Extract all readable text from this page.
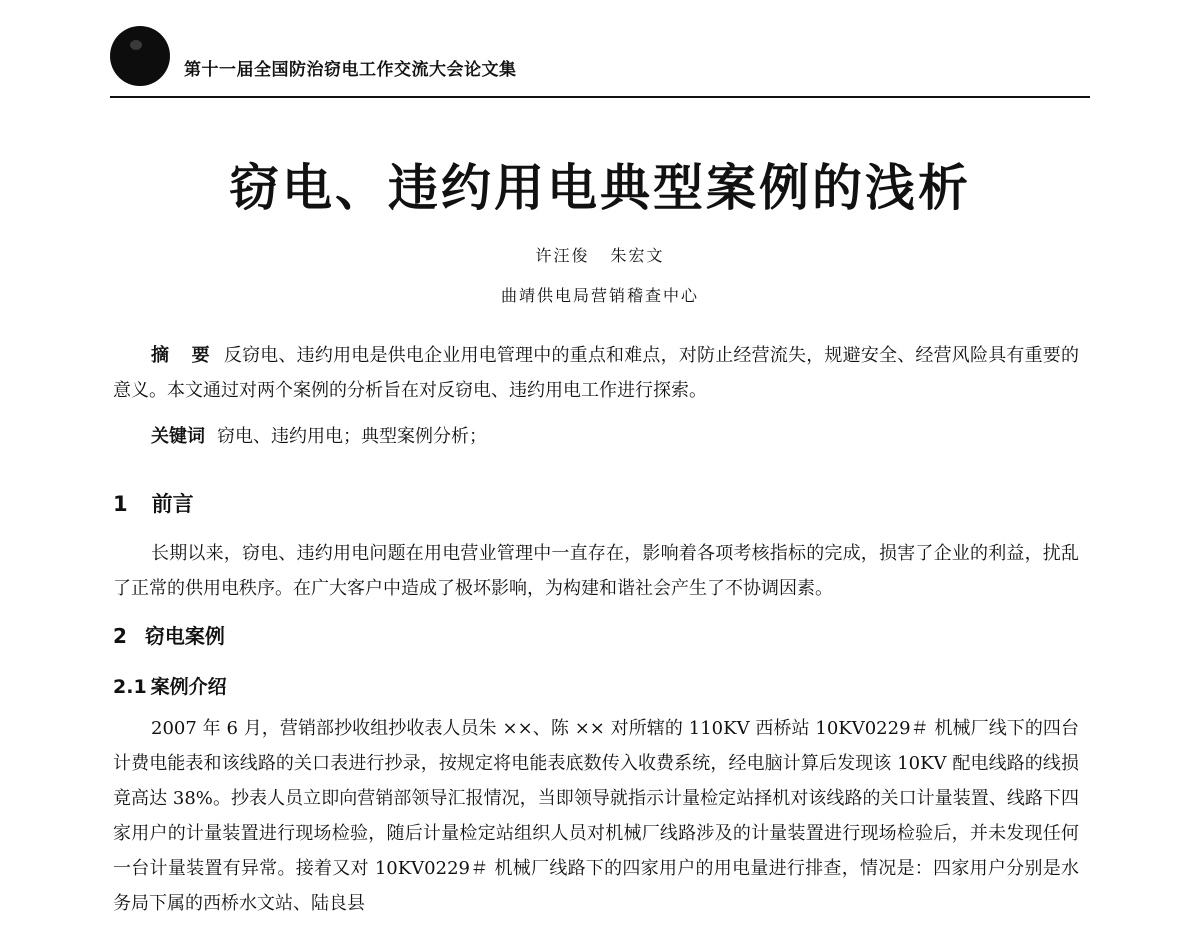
第十一届全国防治窃电工作交流大会论文集
窃电、违约用电典型案例的浅析
许汪俊 朱宏文
曲靖供电局营销稽查中心

摘 要 反窃电、违约用电是供电企业用电管理中的重点和难点，对防止经营流失，规避安全、经营风险具有重要的意义。本文通过对两个案例的分析旨在对反窃电、违约用电工作进行探索。

关键词 窃电、违约用电；典型案例分析；
1 前言

长期以来，窃电、违约用电问题在用电营业管理中一直存在，影响着各项考核指标的完成，损害了企业的利益，扰乱了正常的供用电秩序。在广大客户中造成了极坏影响，为构建和谐社会产生了不协调因素。

2 窃电案例
2.1 案例介绍

2007 年 6 月，营销部抄收组抄收表人员朱 ××、陈 ×× 对所辖的 110KV 西桥站 10KV0229＃ 机械厂线下的四台计费电能表和该线路的关口表进行抄录，按规定将电能表底数传入收费系统，经电脑计算后发现该 10KV 配电线路的线损竟高达 38%。抄表人员立即向营销部领导汇报情况，当即领导就指示计量检定站择机对该线路的关口计量装置、线路下四家用户的计量装置进行现场检验，随后计量检定站组织人员对机械厂线路涉及的计量装置进行现场检验后，并未发现任何一台计量装置有异常。接着又对 10KV0229＃ 机械厂线路下的四家用户的用电量进行排查，情况是：四家用户分别是水务局下属的西桥水文站、陆良县
